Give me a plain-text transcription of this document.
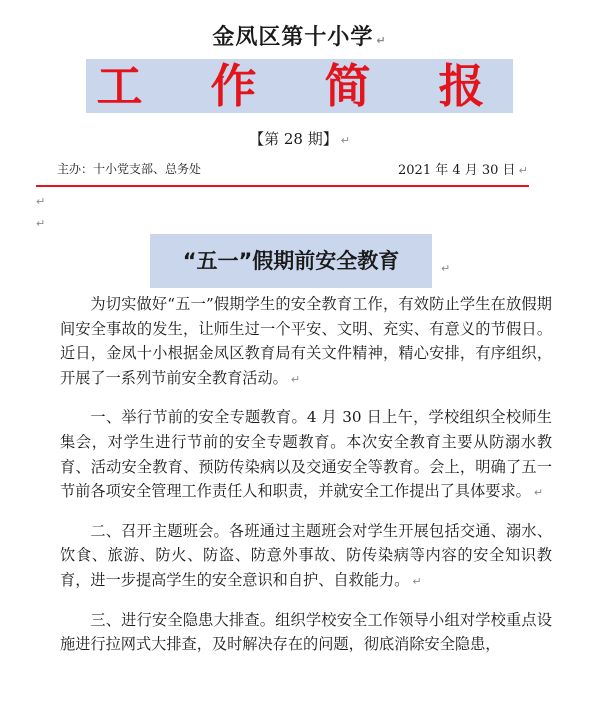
金凤区第十小学 ↵
工 作 简 报
【第 28 期】 ↵
主办：十小党支部、总务处	2021 年 4 月 30 日 ↵
↵
↵
“五一”假期前安全教育	↵

为切实做好“五一”假期学生的安全教育工作，有效防止学生在放假期间安全事故的发生，让师生过一个平安、文明、充实、有意义的节假日。近日，金凤十小根据金凤区教育局有关文件精神，精心安排，有序组织，开展了一系列节前安全教育活动。 ↵

一、举行节前的安全专题教育。4 月 30 日上午，学校组织全校师生集会，对学生进行节前的安全专题教育。本次安全教育主要从防溺水教育、活动安全教育、预防传染病以及交通安全等教育。会上，明确了五一节前各项安全管理工作责任人和职责，并就安全工作提出了具体要求。 ↵

二、召开主题班会。各班通过主题班会对学生开展包括交通、溺水、饮食、旅游、防火、防盗、防意外事故、防传染病等内容的安全知识教育，进一步提高学生的安全意识和自护、自救能力。 ↵

三、进行安全隐患大排查。组织学校安全工作领导小组对学校重点设施进行拉网式大排查，及时解决存在的问题，彻底消除安全隐患，
